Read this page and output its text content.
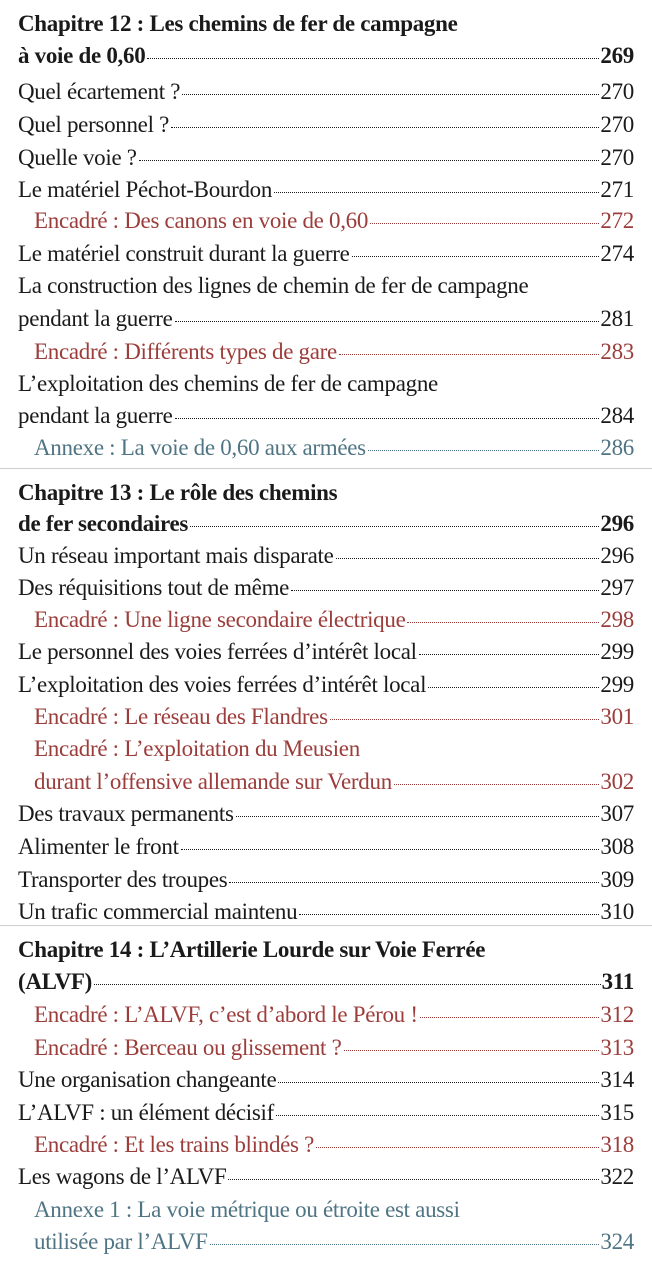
Chapitre 12 : Les chemins de fer de campagne
à voie de 0,60	269
Quel écartement ?	270
Quel personnel ?	270
Quelle voie ?	270
Le matériel Péchot-Bourdon	271
Encadré : Des canons en voie de 0,60	272
Le matériel construit durant la guerre	274
La construction des lignes de chemin de fer de campagne
pendant la guerre	281
Encadré : Différents types de gare	283
L’exploitation des chemins de fer de campagne
pendant la guerre	284
Annexe : La voie de 0,60 aux armées	286
Chapitre 13 : Le rôle des chemins
de fer secondaires	296
Un réseau important mais disparate	296
Des réquisitions tout de même	297
Encadré : Une ligne secondaire électrique	298
Le personnel des voies ferrées d’intérêt local	299
L’exploitation des voies ferrées d’intérêt local	299
Encadré : Le réseau des Flandres	301
Encadré : L’exploitation du Meusien
durant l’offensive allemande sur Verdun	302
Des travaux permanents	307
Alimenter le front	308
Transporter des troupes	309
Un trafic commercial maintenu	310
Chapitre 14 : L’Artillerie Lourde sur Voie Ferrée
(ALVF)	311
Encadré : L’ALVF, c’est d’abord le Pérou !	312
Encadré : Berceau ou glissement ?	313
Une organisation changeante	314
L’ALVF : un élément décisif	315
Encadré : Et les trains blindés ?	318
Les wagons de l’ALVF	322
Annexe 1 : La voie métrique ou étroite est aussi
utilisée par l’ALVF	324
